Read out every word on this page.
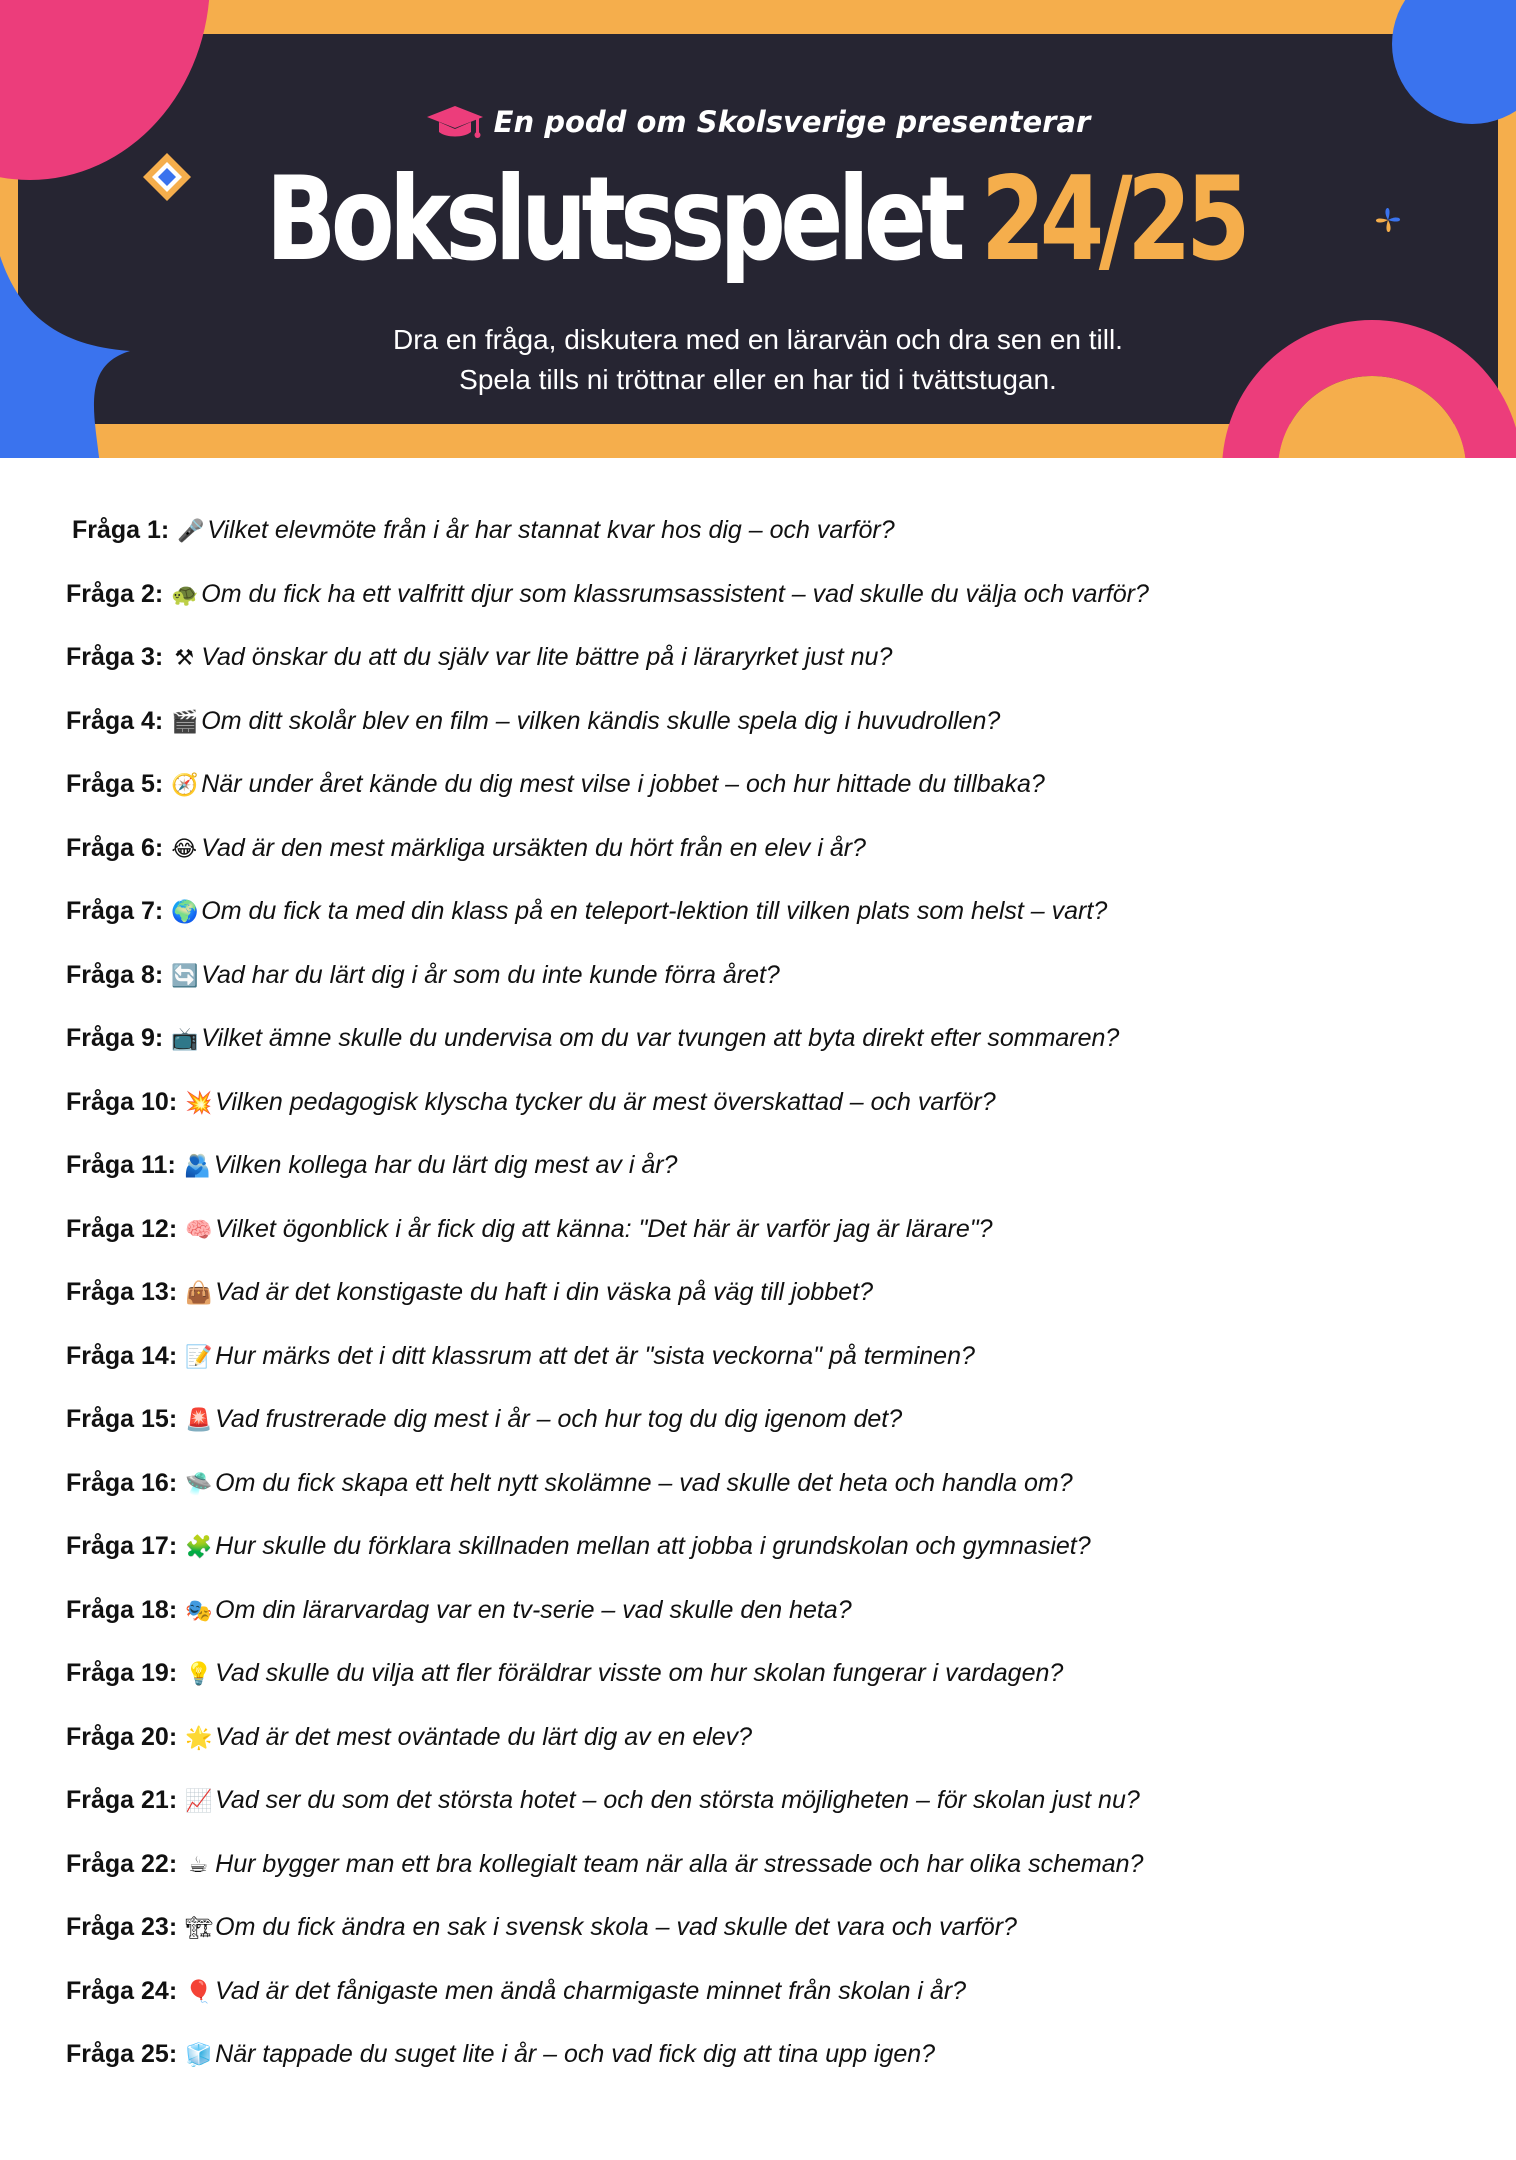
En podd om Skolsverige presenterar
Bokslutsspelet 24/25
Dra en fråga, diskutera med en lärarvän och dra sen en till.
Spela tills ni tröttnar eller en har tid i tvättstugan.
Fråga 1: 🎤 Vilket elevmöte från i år har stannat kvar hos dig – och varför?
Fråga 2: 🐢 Om du fick ha ett valfritt djur som klassrumsassistent – vad skulle du välja och varför?
Fråga 3: ⚒ Vad önskar du att du själv var lite bättre på i läraryrket just nu?
Fråga 4: 🎬 Om ditt skolår blev en film – vilken kändis skulle spela dig i huvudrollen?
Fråga 5: 🧭 När under året kände du dig mest vilse i jobbet – och hur hittade du tillbaka?
Fråga 6: 😂 Vad är den mest märkliga ursäkten du hört från en elev i år?
Fråga 7: 🌍 Om du fick ta med din klass på en teleport-lektion till vilken plats som helst – vart?
Fråga 8: 🔄 Vad har du lärt dig i år som du inte kunde förra året?
Fråga 9: 📺 Vilket ämne skulle du undervisa om du var tvungen att byta direkt efter sommaren?
Fråga 10: 💥 Vilken pedagogisk klyscha tycker du är mest överskattad – och varför?
Fråga 11: 🫂 Vilken kollega har du lärt dig mest av i år?
Fråga 12: 🧠 Vilket ögonblick i år fick dig att känna: "Det här är varför jag är lärare"?
Fråga 13: 👜 Vad är det konstigaste du haft i din väska på väg till jobbet?
Fråga 14: 📝 Hur märks det i ditt klassrum att det är "sista veckorna" på terminen?
Fråga 15: 🚨 Vad frustrerade dig mest i år – och hur tog du dig igenom det?
Fråga 16: 🛸 Om du fick skapa ett helt nytt skolämne – vad skulle det heta och handla om?
Fråga 17: 🧩 Hur skulle du förklara skillnaden mellan att jobba i grundskolan och gymnasiet?
Fråga 18: 🎭 Om din lärarvardag var en tv-serie – vad skulle den heta?
Fråga 19: 💡 Vad skulle du vilja att fler föräldrar visste om hur skolan fungerar i vardagen?
Fråga 20: 🌟 Vad är det mest oväntade du lärt dig av en elev?
Fråga 21: 📈 Vad ser du som det största hotet – och den största möjligheten – för skolan just nu?
Fråga 22: ☕ Hur bygger man ett bra kollegialt team när alla är stressade och har olika scheman?
Fråga 23: 🏗Om du fick ändra en sak i svensk skola – vad skulle det vara och varför?
Fråga 24: 🎈 Vad är det fånigaste men ändå charmigaste minnet från skolan i år?
Fråga 25: 🧊 När tappade du suget lite i år – och vad fick dig att tina upp igen?
